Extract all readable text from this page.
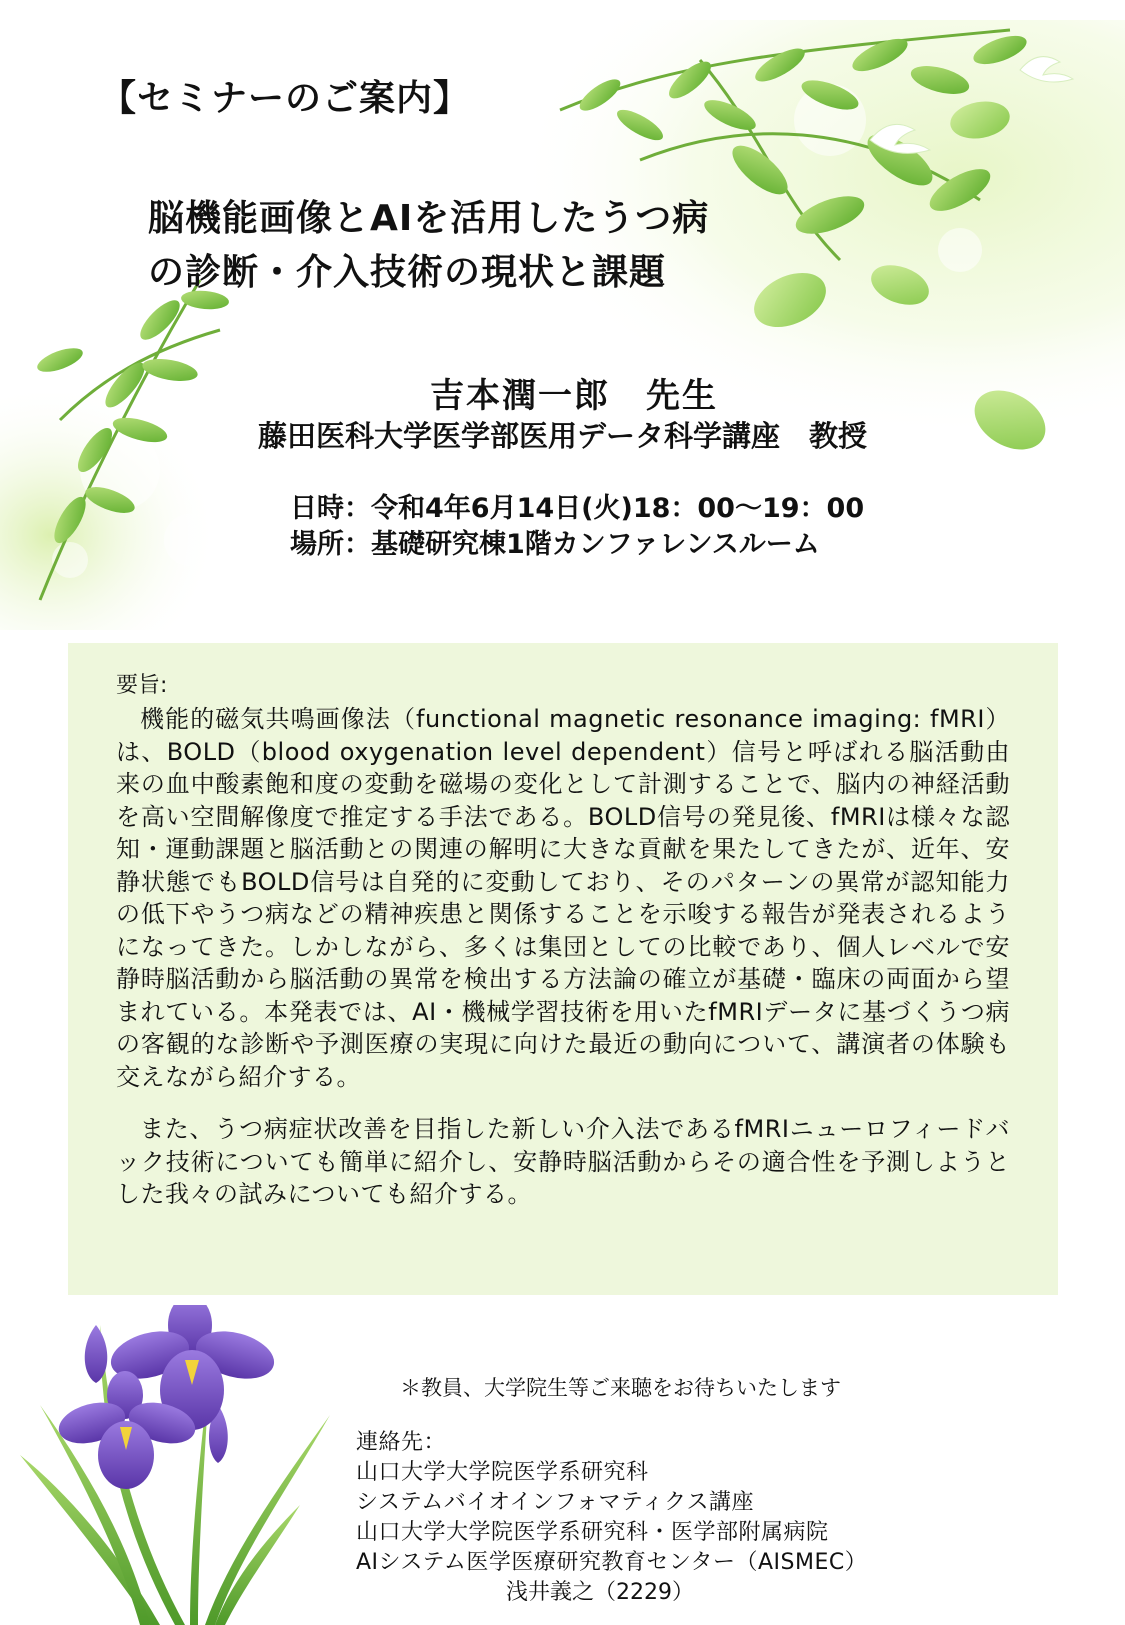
【セミナーのご案内】
脳機能画像とAIを活用したうつ病
の診断・介入技術の現状と課題
吉本潤一郎　先生
藤田医科大学医学部医用データ科学講座　教授
日時：令和4年6月14日(火)18：00～19：00
場所：基礎研究棟1階カンファレンスルーム
要旨:

機能的磁気共鳴画像法（functional magnetic resonance imaging: fMRI）は、BOLD（blood oxygenation level dependent）信号と呼ばれる脳活動由来の血中酸素飽和度の変動を磁場の変化として計測することで、脳内の神経活動を高い空間解像度で推定する手法である。BOLD信号の発見後、fMRIは様々な認知・運動課題と脳活動との関連の解明に大きな貢献を果たしてきたが、近年、安静状態でもBOLD信号は自発的に変動しており、そのパターンの異常が認知能力の低下やうつ病などの精神疾患と関係することを示唆する報告が発表されるようになってきた。しかしながら、多くは集団としての比較であり、個人レベルで安静時脳活動から脳活動の異常を検出する方法論の確立が基礎・臨床の両面から望まれている。本発表では、AI・機械学習技術を用いたfMRIデータに基づくうつ病の客観的な診断や予測医療の実現に向けた最近の動向について、講演者の体験も交えながら紹介する。

また、うつ病症状改善を目指した新しい介入法であるfMRIニューロフィードバック技術についても簡単に紹介し、安静時脳活動からその適合性を予測しようとした我々の試みについても紹介する。

＊教員、大学院生等ご来聴をお待ちいたします
連絡先：
山口大学大学院医学系研究科
システムバイオインフォマティクス講座
山口大学大学院医学系研究科・医学部附属病院
AIシステム医学医療研究教育センター（AISMEC）
浅井義之（2229）
